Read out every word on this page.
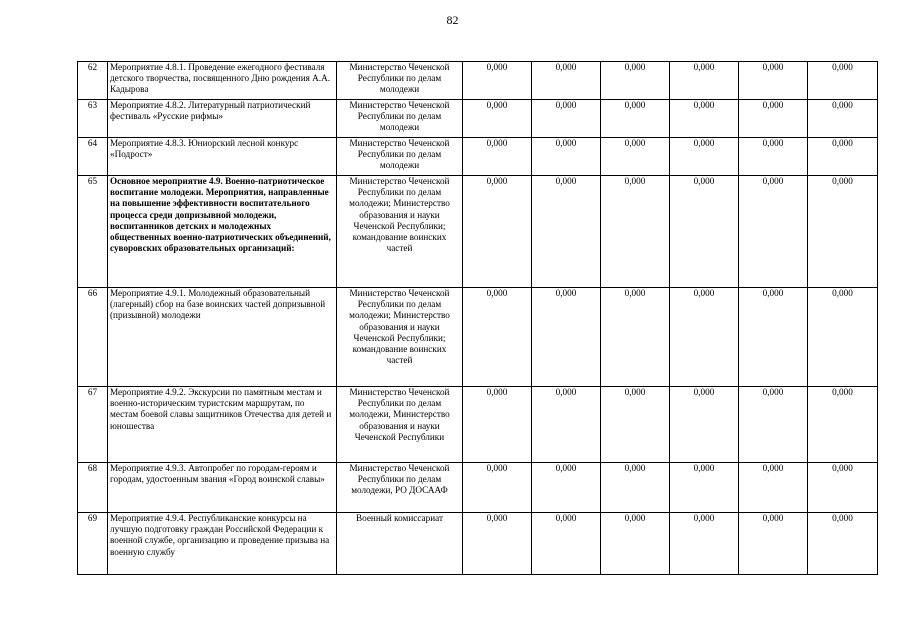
82
62	Мероприятие 4.8.1. Проведение ежегодного фестиваля детского творчества, посвященного Дню рождения А.А. Кадырова	Министерство Чеченской Республики по делам молодежи	0,000	0,000	0,000	0,000	0,000	0,000
63	Мероприятие 4.8.2. Литературный патриотический фестиваль «Русские рифмы»	Министерство Чеченской Республики по делам молодежи	0,000	0,000	0,000	0,000	0,000	0,000
64	Мероприятие 4.8.3. Юниорский лесной конкурс «Подрост»	Министерство Чеченской Республики по делам молодежи	0,000	0,000	0,000	0,000	0,000	0,000
65	Основное мероприятие 4.9. Военно-патриотическое воспитание молодежи. Мероприятия, направленные на повышение эффективности воспитательного процесса среди допризывной молодежи, воспитанников детских и молодежных общественных военно-патриотических объединений, суворовских образовательных организаций:	Министерство Чеченской Республики по делам молодежи; Министерство образования и науки Чеченской Республики; командование воинских частей	0,000	0,000	0,000	0,000	0,000	0,000
66	Мероприятие 4.9.1. Молодежный образовательный (лагерный) сбор на базе воинских частей допризывной (призывной) молодежи	Министерство Чеченской Республики по делам молодежи; Министерство образования и науки Чеченской Республики; командование воинских частей	0,000	0,000	0,000	0,000	0,000	0,000
67	Мероприятие 4.9.2. Экскурсии по памятным местам и военно-историческим туристским маршрутам, по местам боевой славы защитников Отечества для детей и юношества	Министерство Чеченской Республики по делам молодежи, Министерство образования и науки Чеченской Республики	0,000	0,000	0,000	0,000	0,000	0,000
68	Мероприятие 4.9.3. Автопробег по городам-героям и городам, удостоенным звания «Город воинской славы»	Министерство Чеченской Республики по делам молодежи, РО ДОСААФ	0,000	0,000	0,000	0,000	0,000	0,000
69	Мероприятие 4.9.4. Республиканские конкурсы на лучшую подготовку граждан Российской Федерации к военной службе, организацию и проведение призыва на военную службу	Военный комиссариат	0,000	0,000	0,000	0,000	0,000	0,000
